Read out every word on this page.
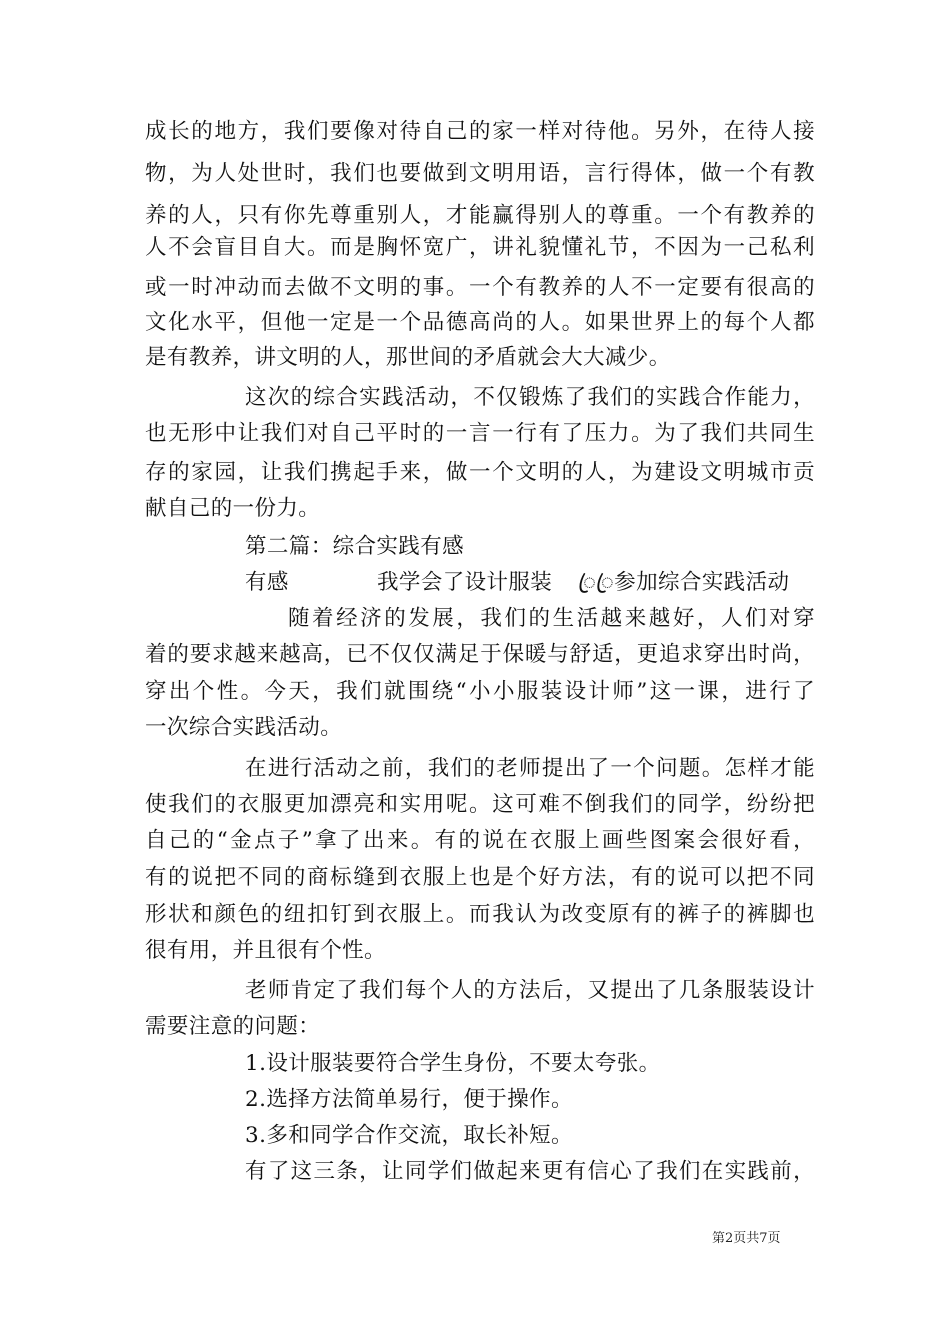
成长的地方，我们要像对待自己的家一样对待他。另外，在待人接
物，为人处世时，我们也要做到文明用语，言行得体，做一个有教
养的人，只有你先尊重别人，才能赢得别人的尊重。一个有教养的
人不会盲目自大。而是胸怀宽广，讲礼貌懂礼节，不因为一己私利
或一时冲动而去做不文明的事。一个有教养的人不一定要有很高的
文化水平，但他一定是一个品德高尚的人。如果世界上的每个人都
是有教养，讲文明的人，那世间的矛盾就会大大减少。
这次的综合实践活动，不仅锻炼了我们的实践合作能力，
也无形中让我们对自己平时的一言一行有了压力。为了我们共同生
存的家园，让我们携起手来，做一个文明的人，为建设文明城市贡
献自己的一份力。
第二篇：综合实践有感
有感	我学会了设计服装 ꦿꦿ参加综合实践活动
随着经济的发展，我们的生活越来越好，人们对穿
着的要求越来越高，已不仅仅满足于保暖与舒适，更追求穿出时尚，
穿出个性。今天，我们就围绕“小小服装设计师”这一课，进行了
一次综合实践活动。
在进行活动之前，我们的老师提出了一个问题。怎样才能
使我们的衣服更加漂亮和实用呢。这可难不倒我们的同学，纷纷把
自己的“金点子”拿了出来。有的说在衣服上画些图案会很好看，
有的说把不同的商标缝到衣服上也是个好方法，有的说可以把不同
形状和颜色的纽扣钉到衣服上。而我认为改变原有的裤子的裤脚也
很有用，并且很有个性。
老师肯定了我们每个人的方法后，又提出了几条服装设计
需要注意的问题：
1.设计服装要符合学生身份，不要太夸张。
2.选择方法简单易行，便于操作。
3.多和同学合作交流，取长补短。
有了这三条，让同学们做起来更有信心了我们在实践前，
第2页共7页
